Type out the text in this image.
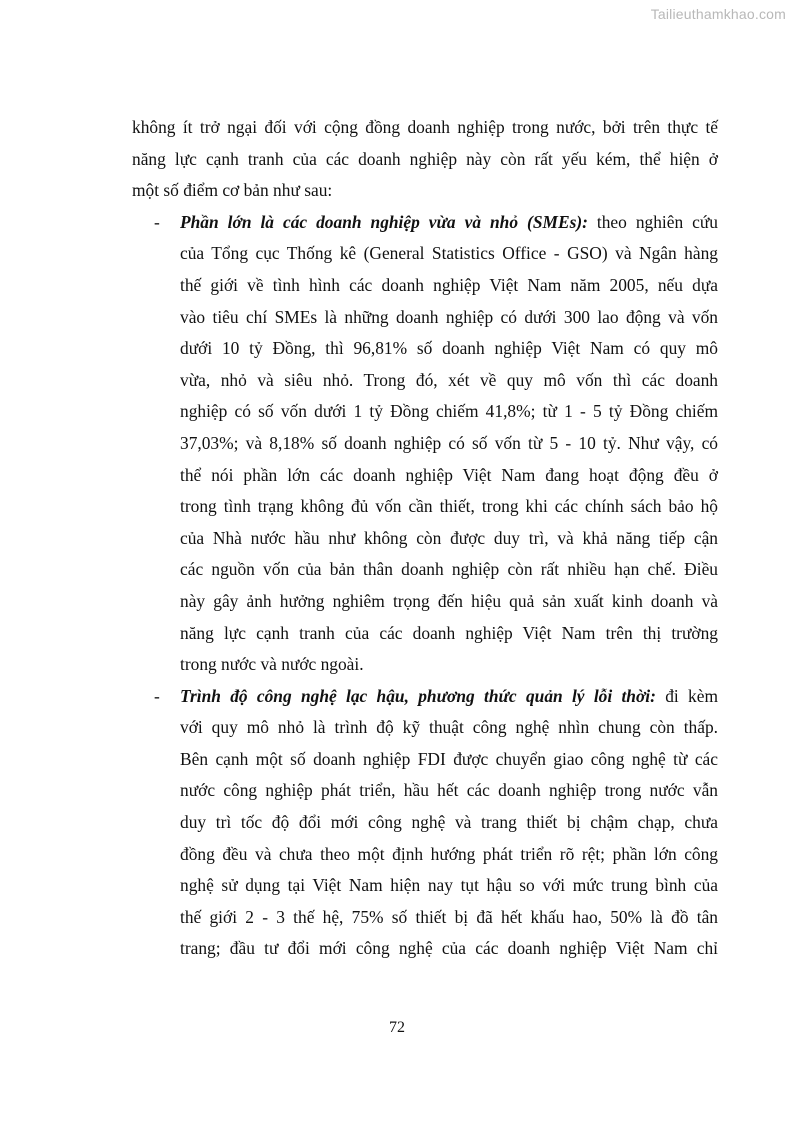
Tailieuthamkhao.com
không ít trở ngại đối với cộng đồng doanh nghiệp trong nước, bởi trên thực tế
năng lực cạnh tranh của các doanh nghiệp này còn rất yếu kém, thể hiện ở
một số điểm cơ bản như sau:
- Phần lớn là các doanh nghiệp vừa và nhỏ (SMEs): theo nghiên cứu
của Tổng cục Thống kê (General Statistics Office - GSO) và Ngân hàng
thế giới về tình hình các doanh nghiệp Việt Nam năm 2005, nếu dựa
vào tiêu chí SMEs là những doanh nghiệp có dưới 300 lao động và vốn
dưới 10 tỷ Đồng, thì 96,81% số doanh nghiệp Việt Nam có quy mô
vừa, nhỏ và siêu nhỏ. Trong đó, xét về quy mô vốn thì các doanh
nghiệp có số vốn dưới 1 tỷ Đồng chiếm 41,8%; từ 1 - 5 tỷ Đồng chiếm
37,03%; và 8,18% số doanh nghiệp có số vốn từ 5 - 10 tỷ. Như vậy, có
thể nói phần lớn các doanh nghiệp Việt Nam đang hoạt động đều ở
trong tình trạng không đủ vốn cần thiết, trong khi các chính sách bảo hộ
của Nhà nước hầu như không còn được duy trì, và khả năng tiếp cận
các nguồn vốn của bản thân doanh nghiệp còn rất nhiều hạn chế. Điều
này gây ảnh hưởng nghiêm trọng đến hiệu quả sản xuất kinh doanh và
năng lực cạnh tranh của các doanh nghiệp Việt Nam trên thị trường
trong nước và nước ngoài.
- Trình độ công nghệ lạc hậu, phương thức quản lý lỗi thời: đi kèm
với quy mô nhỏ là trình độ kỹ thuật công nghệ nhìn chung còn thấp.
Bên cạnh một số doanh nghiệp FDI được chuyển giao công nghệ từ các
nước công nghiệp phát triển, hầu hết các doanh nghiệp trong nước vẫn
duy trì tốc độ đổi mới công nghệ và trang thiết bị chậm chạp, chưa
đồng đều và chưa theo một định hướng phát triển rõ rệt; phần lớn công
nghệ sử dụng tại Việt Nam hiện nay tụt hậu so với mức trung bình của
thế giới 2 - 3 thế hệ, 75% số thiết bị đã hết khấu hao, 50% là đồ tân
trang; đầu tư đổi mới công nghệ của các doanh nghiệp Việt Nam chỉ
72
